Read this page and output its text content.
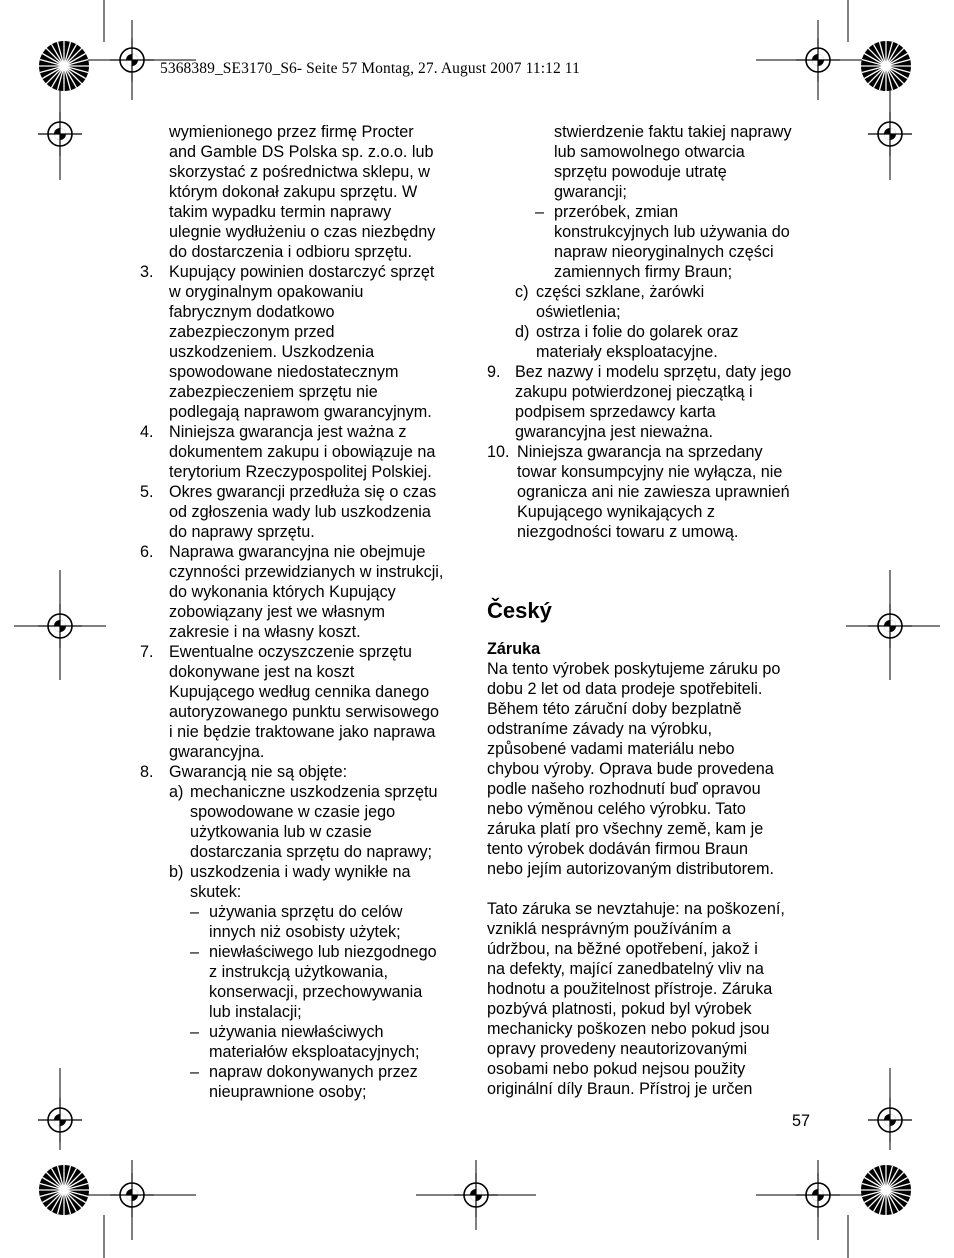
5368389_SE3170_S6- Seite 57 Montag, 27. August 2007 11:12 11
wymienionego przez firmę Procter
and Gamble DS Polska sp. z.o.o. lub
skorzystać z pośrednictwa sklepu, w
którym dokonał zakupu sprzętu. W
takim wypadku termin naprawy
ulegnie wydłużeniu o czas niezbędny
do dostarczenia i odbioru sprzętu.
3. Kupujący powinien dostarczyć sprzęt
w oryginalnym opakowaniu
fabrycznym dodatkowo
zabezpieczonym przed
uszkodzeniem. Uszkodzenia
spowodowane niedostatecznym
zabezpieczeniem sprzętu nie
podlegają naprawom gwarancyjnym.
4. Niniejsza gwarancja jest ważna z
dokumentem zakupu i obowiązuje na
terytorium Rzeczypospolitej Polskiej.
5. Okres gwarancji przedłuża się o czas
od zgłoszenia wady lub uszkodzenia
do naprawy sprzętu.
6. Naprawa gwarancyjna nie obejmuje
czynności przewidzianych w instrukcji,
do wykonania których Kupujący
zobowiązany jest we własnym
zakresie i na własny koszt.
7. Ewentualne oczyszczenie sprzętu
dokonywane jest na koszt
Kupującego według cennika danego
autoryzowanego punktu serwisowego
i nie będzie traktowane jako naprawa
gwarancyjna.
8. Gwarancją nie są objęte:
a) mechaniczne uszkodzenia sprzętu
spowodowane w czasie jego
użytkowania lub w czasie
dostarczania sprzętu do naprawy;
b) uszkodzenia i wady wynikłe na
skutek:
– używania sprzętu do celów
innych niż osobisty użytek;
– niewłaściwego lub niezgodnego
z instrukcją użytkowania,
konserwacji, przechowywania
lub instalacji;
– używania niewłaściwych
materiałów eksploatacyjnych;
– napraw dokonywanych przez
nieuprawnione osoby;
stwierdzenie faktu takiej naprawy
lub samowolnego otwarcia
sprzętu powoduje utratę
gwarancji;
– przeróbek, zmian
konstrukcyjnych lub używania do
napraw nieoryginalnych części
zamiennych firmy Braun;
c) części szklane, żarówki
oświetlenia;
d) ostrza i folie do golarek oraz
materiały eksploatacyjne.
9. Bez nazwy i modelu sprzętu, daty jego
zakupu potwierdzonej pieczątką i
podpisem sprzedawcy karta
gwarancyjna jest nieważna.
10. Niniejsza gwarancja na sprzedany
towar konsumpcyjny nie wyłącza, nie
ogranicza ani nie zawiesza uprawnień
Kupującego wynikających z
niezgodności towaru z umową.
Český
Záruka
Na tento výrobek poskytujeme záruku po
dobu 2 let od data prodeje spotřebiteli.
Během této záruční doby bezplatně
odstraníme závady na výrobku,
způsobené vadami materiálu nebo
chybou výroby. Oprava bude provedena
podle našeho rozhodnutí buď opravou
nebo výměnou celého výrobku. Tato
záruka platí pro všechny země, kam je
tento výrobek dodáván firmou Braun
nebo jejím autorizovaným distributorem.
Tato záruka se nevztahuje: na poškození,
vzniklá nesprávným používáním a
údržbou, na běžné opotřebení, jakož i
na defekty, mající zanedbatelný vliv na
hodnotu a použitelnost přístroje. Záruka
pozbývá platnosti, pokud byl výrobek
mechanicky poškozen nebo pokud jsou
opravy provedeny neautorizovanými
osobami nebo pokud nejsou použity
originální díly Braun. Přístroj je určen
57
